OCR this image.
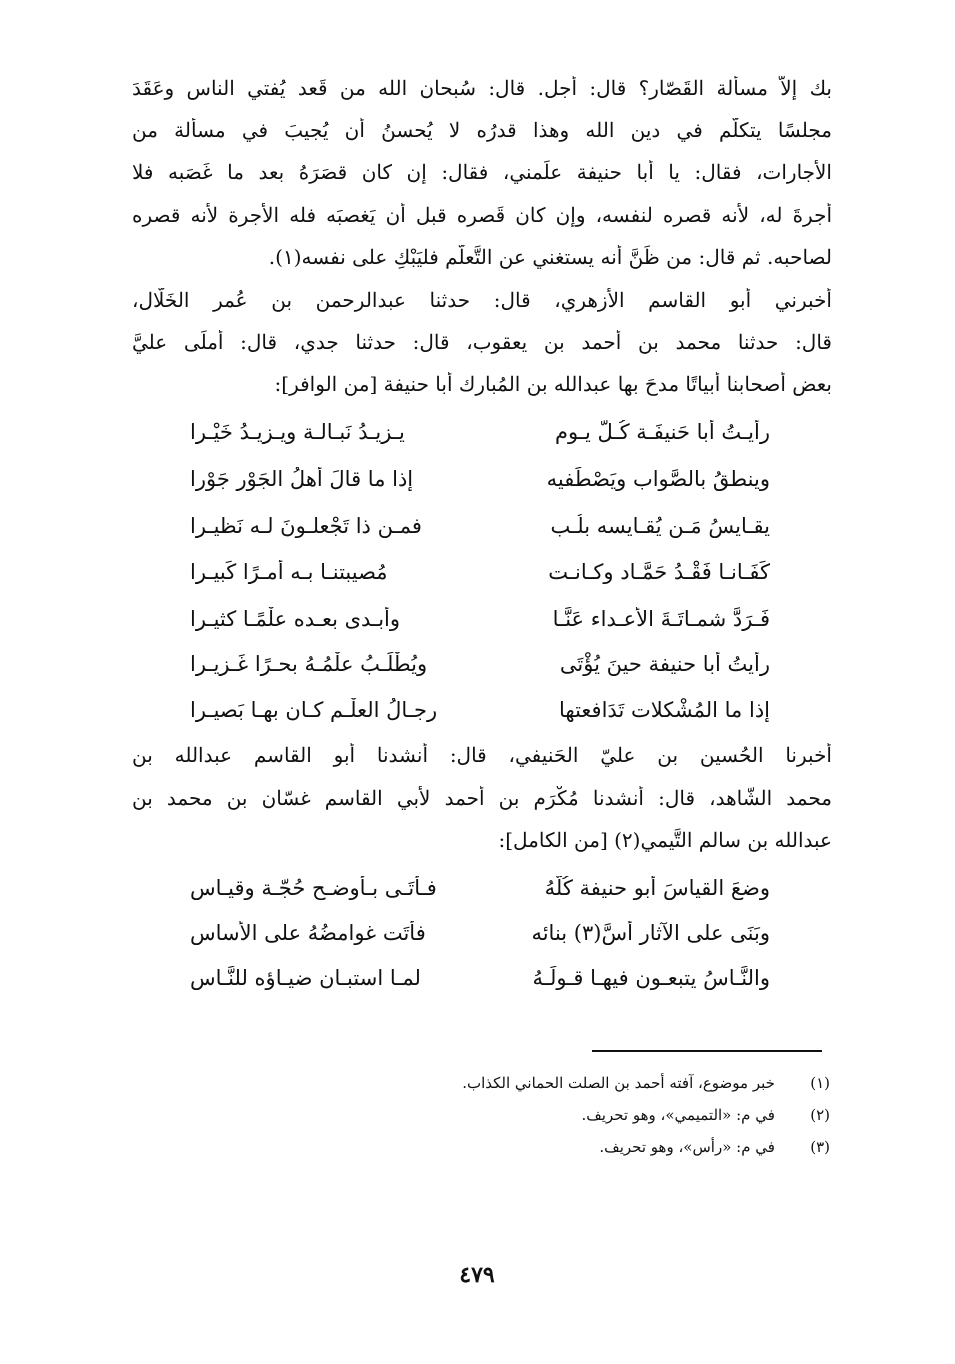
بك إلاّ مسألة القَصّار؟ قال: أجل. قال: سُبحان الله من قَعد يُفتي الناس وعَقَدَ
مجلسًا يتكلّم في دين الله وهذا قدرُه لا يُحسنُ أن يُجيبَ في مسألة من
الأجارات، فقال: يا أبا حنيفة علِّمني، فقال: إن كان قصَرَهُ بعد ما غَصَبه فلا
أُجرةَ له، لأنه قصره لنفسه، وإن كان قَصره قبل أن يَغصبَه فله الأجرة لأنه قصره
لصاحبه. ثم قال: من ظَنَّ أنه يستغني عن التَّعلُّم فليَبْكِ على نفسه(١).
أخبرني أبو القاسم الأزهري، قال: حدثنا عبدالرحمن بن عُمر الخَلّال،
قال: حدثنا محمد بن أحمد بن يعقوب، قال: حدثنا جدي، قال: أملَى عليَّ
بعض أصحابنا أبياتًا مدحَ بها عبدالله بن المُبارك أبا حنيفة [من الوافر]:
رأيـتُ أبا حَنيفَـة كُـلَّ يـوم
يـزيـدُ نَبـالـة ويـزيـدُ خَيْـرا
وينطقُ بالصَّواب ويَصْطَفيه
إذا ما قالَ أهلُ الجَوْر جَوْرا
يقـايسُ مَـن يُقـايسه بلُـب
فمـن ذا تَجْعلـونَ لـه نَظيـرا
كَفَـانـا فَقْـدُ حَمَّـاد وكـانـت
مُصيبتنـا بـه أمـرًا كَبيـرا
فَـرَدَّ شمـاتَـةَ الأعـداء عَنَّـا
وأبـدى بعـده علْمًـا كثيـرا
رأيتُ أبا حنيفة حينَ يُؤْتَى
ويُطْلَـبُ علْمُـهُ بحـرًا غَـزيـرا
إذا ما المُشْكلات تَدَافعتها
رجـالُ العلْـم كـان بهـا بَصيـرا
أخبرنا الحُسين بن عليّ الحَنيفي، قال: أنشدنا أبو القاسم عبدالله بن
محمد الشّاهد، قال: أنشدنا مُكْرَم بن أحمد لأبي القاسم غسّان بن محمد بن
عبدالله بن سالم التَّيمي(٢) [من الكامل]:
وضعَ القياسَ أبو حنيفة كُلَّهُ
فـأتَـى بـأوضـح حُجّـة وقيـاس
وبَنَى على الآثار أُسَّ(٣) بنائه
فأتَت غوامضُهُ على الأساس
والنَّـاسُ يتبعـون فيهـا قـولَـهُ
لمـا استبـان ضيـاؤه للنَّـاسِ
(١)    خبر موضوع، آفته أحمد بن الصلت الحماني الكذاب.
(٢)    في م: «التميمي»، وهو تحريف.
(٣)    في م: «رأس»، وهو تحريف.
٤٧٩
